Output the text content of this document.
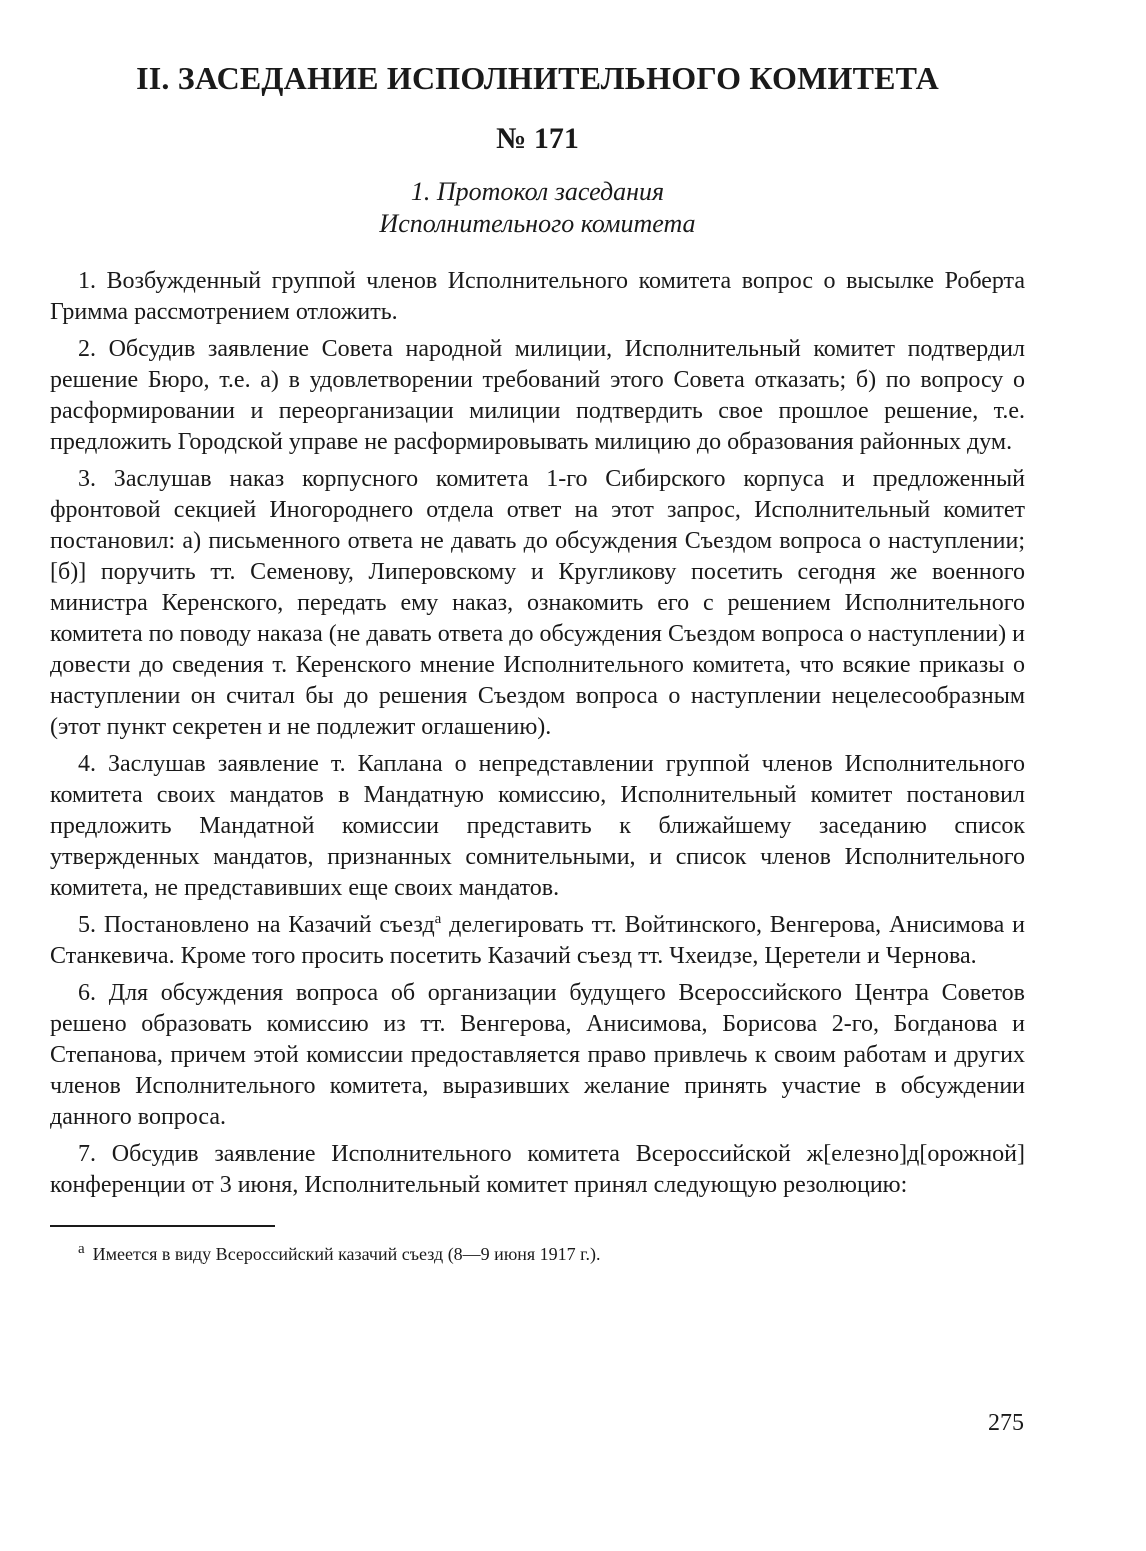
II. ЗАСЕДАНИЕ ИСПОЛНИТЕЛЬНОГО КОМИТЕТА
№ 171
1. Протокол заседания
Исполнительного комитета

1. Возбужденный группой членов Исполнительного комитета вопрос о высылке Роберта Гримма рассмотрением отложить.

2. Обсудив заявление Совета народной милиции, Исполнительный комитет подтвердил решение Бюро, т.е. а) в удовлетворении требований этого Совета отказать; б) по вопросу о расформировании и переорганизации милиции подтвердить свое прошлое решение, т.е. предложить Городской управе не расформировывать милицию до образования районных дум.

3. Заслушав наказ корпусного комитета 1-го Сибирского корпуса и предложенный фронтовой секцией Иногороднего отдела ответ на этот запрос, Исполнительный комитет постановил: а) письменного ответа не давать до обсуждения Съездом вопроса о наступлении; [б)] поручить тт. Семенову, Липеровскому и Кругликову посетить сегодня же военного министра Керенского, передать ему наказ, ознакомить его с решением Исполнительного комитета по поводу наказа (не давать ответа до обсуждения Съездом вопроса о наступлении) и довести до сведения т. Керенского мнение Исполнительного комитета, что всякие приказы о наступлении он считал бы до решения Съездом вопроса о наступлении нецелесообразным (этот пункт секретен и не подлежит оглашению).

4. Заслушав заявление т. Каплана о непредставлении группой членов Исполнительного комитета своих мандатов в Мандатную комиссию, Исполнительный комитет постановил предложить Мандатной комиссии представить к ближайшему заседанию список утвержденных мандатов, признанных сомнительными, и список членов Исполнительного комитета, не представивших еще своих мандатов.

5. Постановлено на Казачий съезд$^а$ делегировать тт. Войтинского, Венгерова, Анисимова и Станкевича. Кроме того просить посетить Казачий съезд тт. Чхеидзе, Церетели и Чернова.

6. Для обсуждения вопроса об организации будущего Всероссийского Центра Советов решено образовать комиссию из тт. Венгерова, Анисимова, Борисова 2-го, Богданова и Степанова, причем этой комиссии предоставляется право привлечь к своим работам и других членов Исполнительного комитета, выразивших желание принять участие в обсуждении данного вопроса.

7. Обсудив заявление Исполнительного комитета Всероссийской ж[елезно]д[орожной] конференции от 3 июня, Исполнительный комитет принял следующую резолюцию:

$^а$ Имеется в виду Всероссийский казачий съезд (8—9 июня 1917 г.).
275
